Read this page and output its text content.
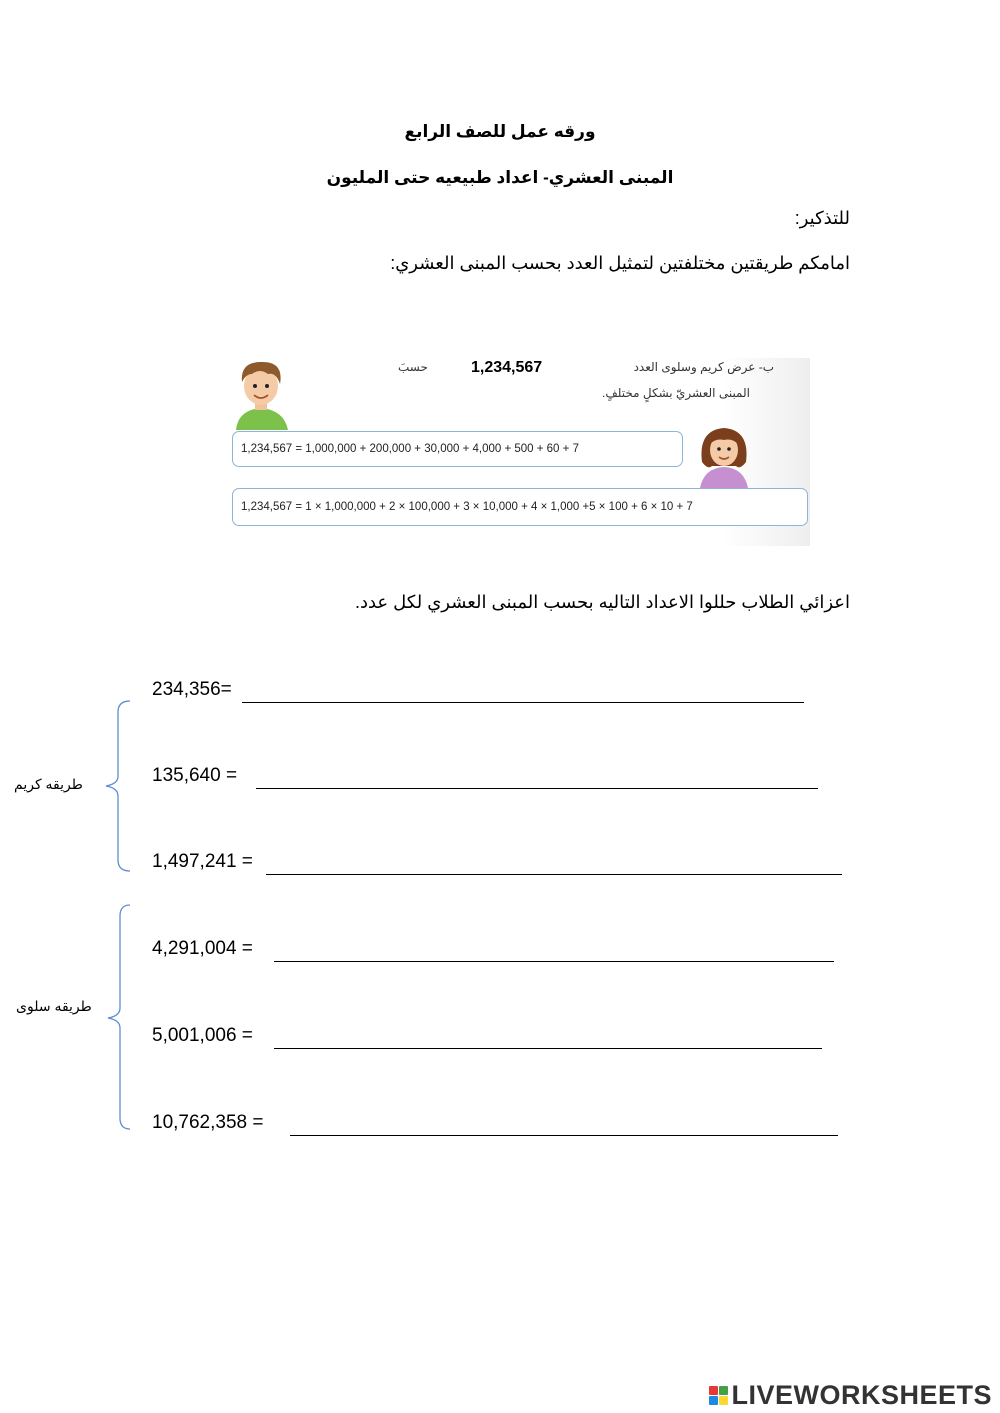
ورقه عمل للصف الرابع
المبنى العشري- اعداد طبيعيه حتى المليون
للتذكير:
امامكم طريقتين مختلفتين لتمثيل العدد بحسب المبنى العشري:
1,234,567
حسبَ	ب- عرض كريم وسلوى العدد
المبنى العشريّ بشكلٍ مختلفٍ.
1,234,567 = 1,000,000 + 200,000 + 30,000 + 4,000 + 500 + 60 + 7
1,234,567 = 1 × 1,000,000 + 2 × 100,000 + 3 × 10,000 + 4 × 1,000 +5 × 100 + 6 × 10 + 7
اعزائي الطلاب حللوا الاعداد التاليه بحسب المبنى العشري لكل عدد.
طريقه كريم
طريقه سلوى
234,356=
135,640 =
1,497,241 =
4,291,004 =
5,001,006 =
10,762,358 =
LIVEWORKSHEETS
